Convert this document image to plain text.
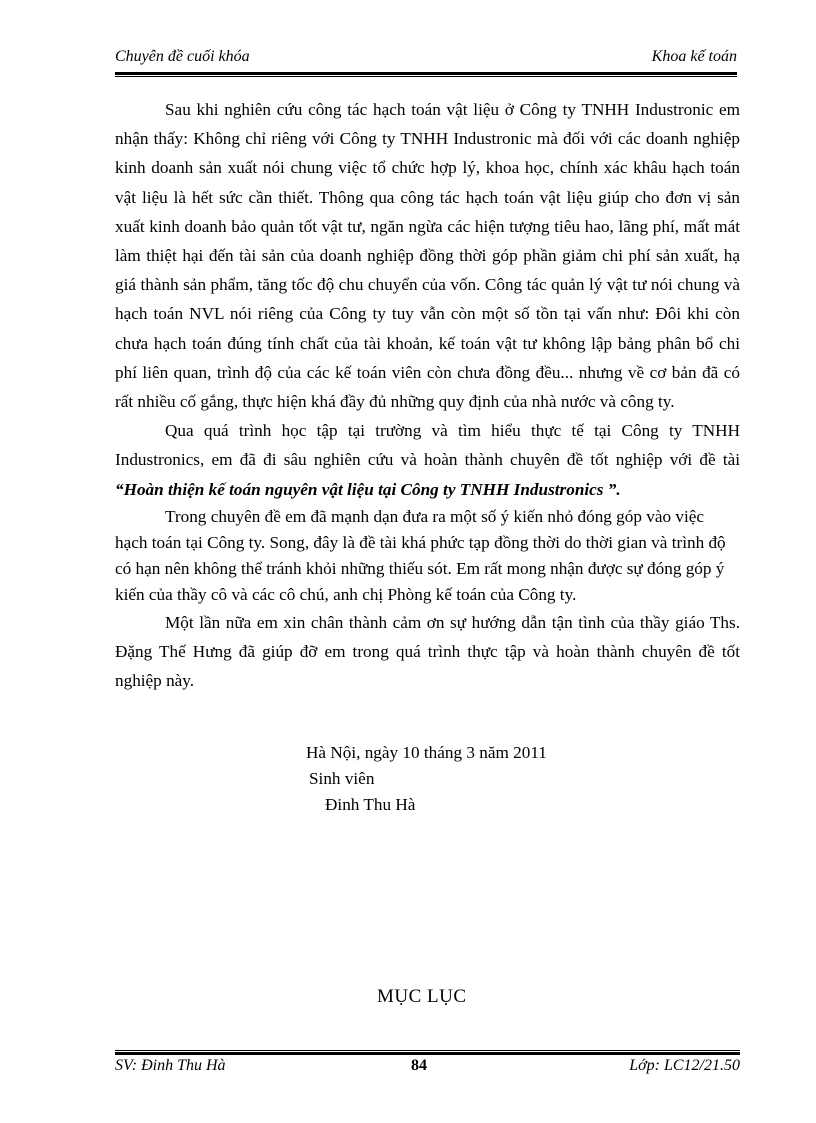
Chuyên đề cuối khóa	Khoa kế toán

Sau khi nghiên cứu công tác hạch toán vật liệu ở Công ty TNHH Industronic em nhận thấy: Không chỉ riêng với Công ty TNHH Industronic mà đối với các doanh nghiệp kinh doanh sản xuất nói chung việc tổ chức hợp lý, khoa học, chính xác khâu hạch toán vật liệu là hết sức cần thiết. Thông qua công tác hạch toán vật liệu giúp cho đơn vị sản xuất kinh doanh bảo quản tốt vật tư, ngăn ngừa các hiện tượng tiêu hao, lãng phí, mất mát làm thiệt hại đến tài sản của doanh nghiệp đồng thời góp phần giảm chi phí sản xuất, hạ giá thành sản phẩm, tăng tốc độ chu chuyển của vốn. Công tác quản lý vật tư nói chung và hạch toán NVL nói riêng của Công ty tuy vẫn còn một số tồn tại vấn như: Đôi khi còn chưa hạch toán đúng tính chất của tài khoản, kế toán vật tư không lập bảng phân bổ chi phí liên quan, trình độ của các kế toán viên còn chưa đồng đều... nhưng về cơ bản đã có rất nhiều cố gắng, thực hiện khá đầy đủ những quy định của nhà nước và công ty.

Qua quá trình học tập tại trường và tìm hiểu thực tế tại Công ty TNHH Industronics, em đã đi sâu nghiên cứu và hoàn thành chuyên đề tốt nghiệp với đề tài “Hoàn thiện kế toán nguyên vật liệu tại Công ty TNHH Industronics ”.

Trong chuyên đề em đã mạnh dạn đưa ra một số ý kiến nhỏ đóng góp vào việc hạch toán tại Công ty. Song, đây là đề tài khá phức tạp đồng thời do thời gian và trình độ có hạn nên không thể tránh khỏi những thiếu sót. Em rất mong nhận được sự đóng góp ý kiến của thầy cô và các cô chú, anh chị Phòng kế toán của Công ty.

Một lần nữa em xin chân thành cảm ơn sự hướng dẫn tận tình của thầy giáo Ths. Đặng Thế Hưng đã giúp đỡ em trong quá trình thực tập và hoàn thành chuyên đề tốt nghiệp này.

Hà Nội, ngày 10 tháng 3 năm 2011
Sinh viên
Đinh Thu Hà
MỤC LỤC
SV: Đinh Thu Hà	84	Lớp: LC12/21.50
